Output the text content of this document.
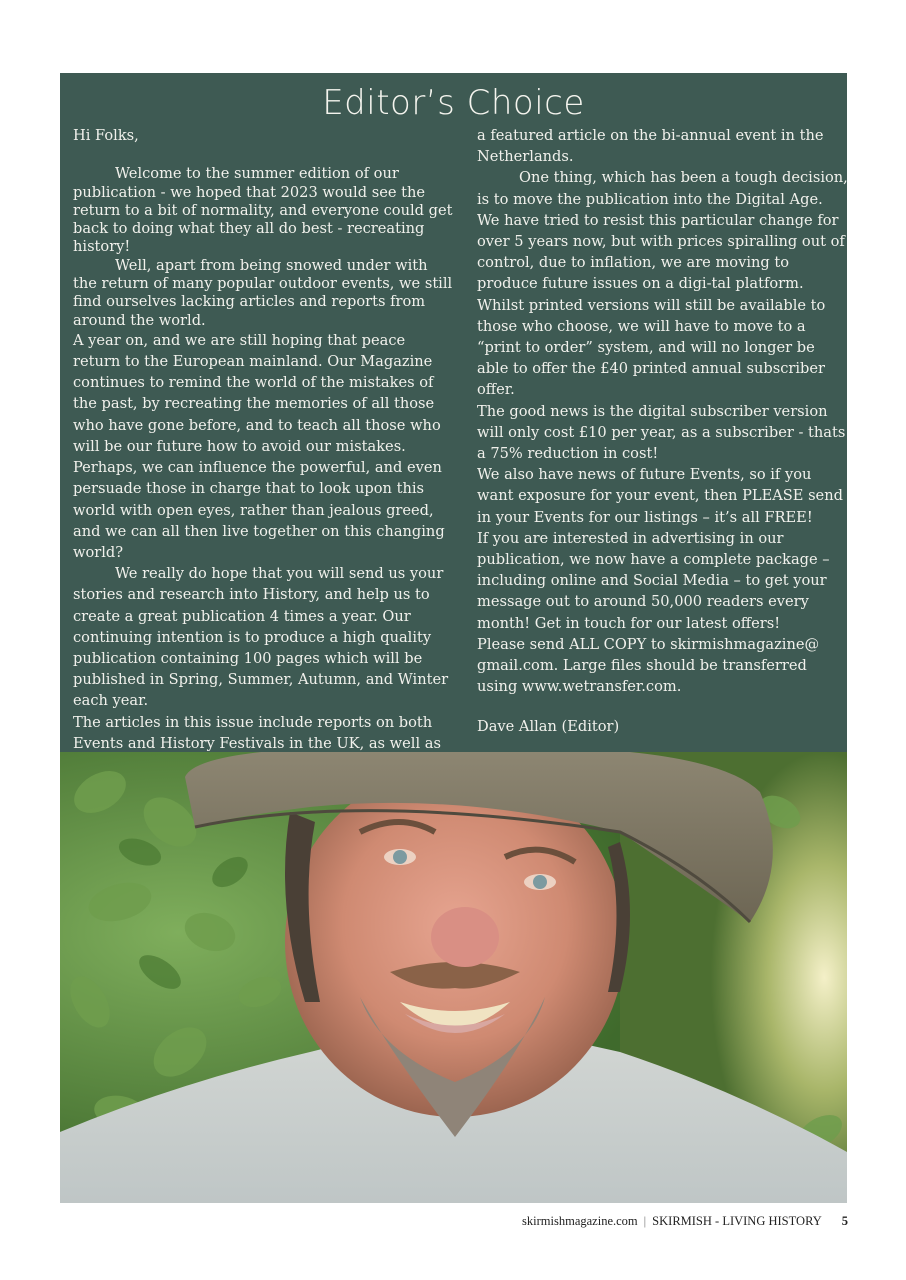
Editor’s Choice

Hi Folks,

Welcome to the summer edition of our publication - we hoped that 2023 would see the return to a bit of normality, and everyone could get back to doing what they all do best - recreating history!

Well, apart from being snowed under with the return of many popular outdoor events, we still find ourselves lacking articles and reports from around the world.

A year on, and we are still hoping that peace return to the European mainland. Our Magazine continues to remind the world of the mistakes of the past, by recreating the memories of all those who have gone before, and to teach all those who will be our future how to avoid our mistakes. Perhaps, we can influence the powerful, and even persuade those in charge that to look upon this world with open eyes, rather than jealous greed, and we can all then live together on this changing world?

We really do hope that you will send us your stories and research into History, and help us to create a great publication 4 times a year. Our continuing intention is to produce a high quality publication containing 100 pages which will be published in Spring, Summer, Autumn, and Winter each year.

The articles in this issue include reports on both Events and History Festivals in the UK, as well as

a featured article on the bi-annual event in the Netherlands.

One thing, which has been a tough decision, is to move the publication into the Digital Age. We have tried to resist this particular change for over 5 years now, but with prices spiralling out of control, due to inflation, we are moving to produce future issues on a digi-tal platform. Whilst printed versions will still be available to those who choose, we will have to move to a “print to order” system, and will no longer be able to offer the £40 printed annual subscriber offer.

The good news is the digital subscriber version will only cost £10 per year, as a subscriber - thats a 75% reduction in cost!

We also have news of future Events, so if you want exposure for your event, then PLEASE send in your Events for our listings – it’s all FREE!

If you are interested in advertising in our publication, we now have a complete package – including online and Social Media – to get your message out to around 50,000 readers every month! Get in touch for our latest offers!

Please send ALL COPY to skirmishmagazine@ gmail.com. Large files should be transferred using www.wetransfer.com.

Dave Allan (Editor)

skirmishmagazine.com | SKIRMISH - LIVING HISTORY 5
